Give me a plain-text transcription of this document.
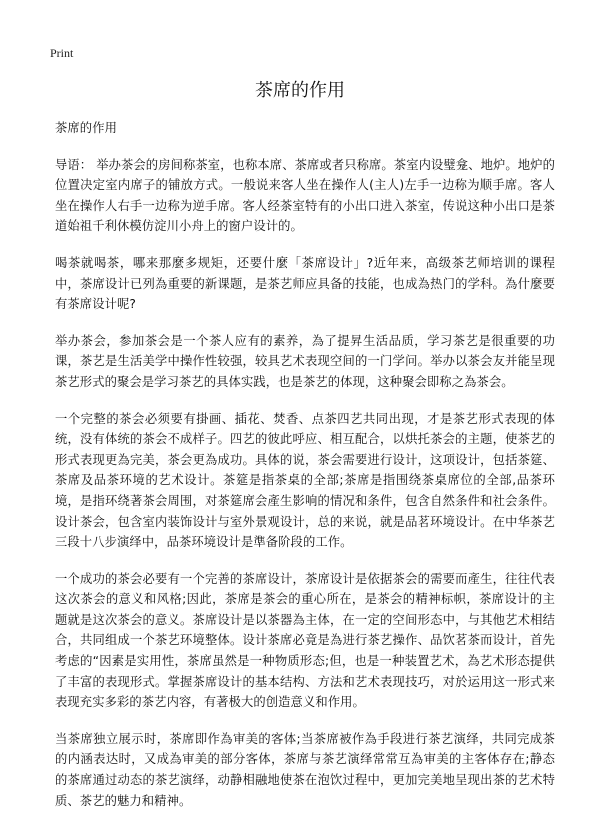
Print
茶席的作用

茶席的作用

导语： 举办茶会的房间称茶室，也称本席、茶席或者只称席。茶室内设璧龛、地炉。地炉的位置决定室内席子的铺放方式。一般说来客人坐在操作人(主人)左手一边称为顺手席。客人坐在操作人右手一边称为逆手席。客人经茶室特有的小出口进入茶室，传说这种小出口是茶道始祖千利休模仿淀川小舟上的窗户设计的。

喝茶就喝茶，哪来那麼多规矩，还要什麼「茶席设计」?近年来，高级茶艺师培训的课程中，茶席设计已列為重要的新课题，是茶艺师应具备的技能，也成為热门的学科。為什麼要有茶席设计呢?

举办茶会，参加茶会是一个茶人应有的素养，為了提昇生活品质，学习茶艺是很重要的功课，茶艺是生活美学中操作性较强，较具艺术表现空间的一门学问。举办以茶会友并能呈现茶艺形式的聚会是学习茶艺的具体实践，也是茶艺的体现，这种聚会即称之為茶会。

一个完整的茶会必须要有掛画、插花、焚香、点茶四艺共同出现，才是茶艺形式表现的体统，没有体统的茶会不成样子。四艺的彼此呼应、相互配合，以烘托茶会的主题，使茶艺的形式表现更為完美，茶会更為成功。具体的说，茶会需要进行设计，这项设计，包括茶筵、茶席及品茶环境的艺术设计。茶筵是指茶桌的全部;茶席是指围绕茶桌席位的全部,品茶环境，是指环绕著茶会周围，对茶筵席会產生影响的情况和条件，包含自然条件和社会条件。设计茶会，包含室内装饰设计与室外景观设计，总的来说，就是品茗环境设计。在中华茶艺三段十八步演绎中，品茶环境设计是準备阶段的工作。

一个成功的茶会必要有一个完善的茶席设计，茶席设计是依据茶会的需要而產生，往往代表这次茶会的意义和风格;因此，茶席是茶会的重心所在，是茶会的精神标帜，茶席设计的主题就是这次茶会的意义。茶席设计是以茶器為主体，在一定的空间形态中，与其他艺术相结合，共同组成一个茶艺环境整体。设计茶席必竟是為进行茶艺操作、品饮茗茶而设计，首先考虑的“因素是实用性，茶席虽然是一种物质形态;但，也是一种装置艺术，為艺术形态提供了丰富的表现形式。掌握茶席设计的基本结构、方法和艺术表现技巧，对於运用这一形式来表现充实多彩的茶艺内容，有著极大的创造意义和作用。

当茶席独立展示时，茶席即作為审美的客体;当茶席被作為手段进行茶艺演绎，共同完成茶的内涵表达时，又成為审美的部分客体，茶席与茶艺演绎常常互為审美的主客体存在;静态的茶席通过动态的茶艺演绎，动静相融地使茶在泡饮过程中，更加完美地呈现出茶的艺术特质、茶艺的魅力和精神。
